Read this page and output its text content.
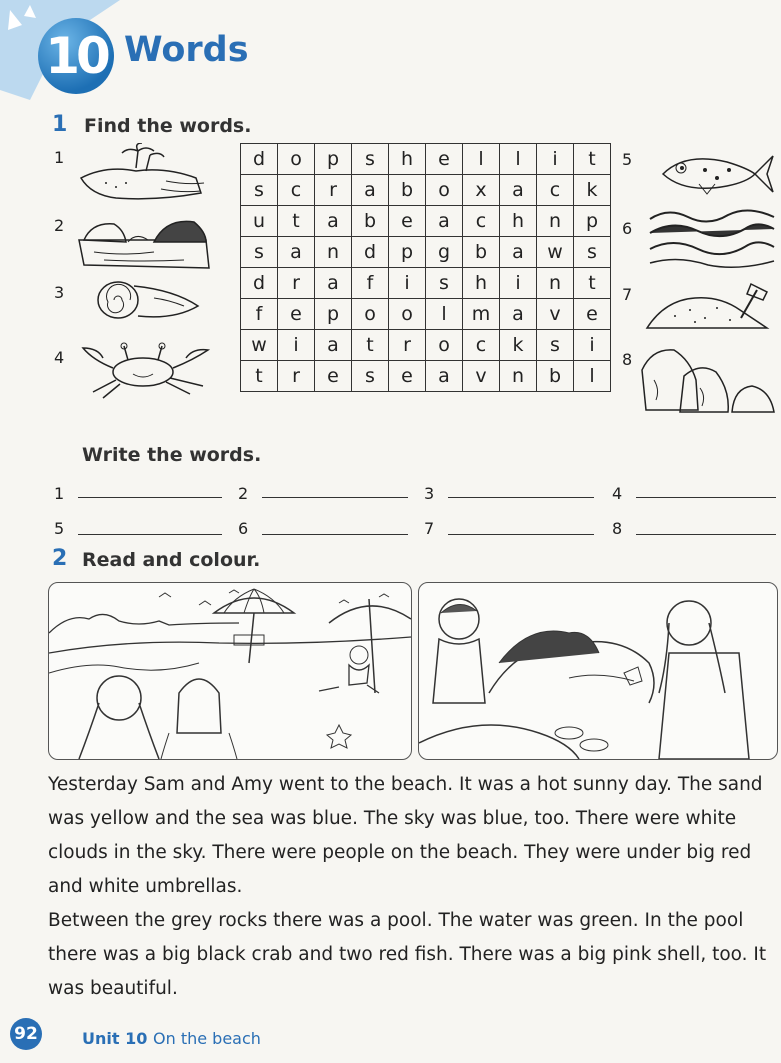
10 Words
1 Find the words.
1
2
3
4
5
6
7
8
d	o	p	s	h	e	l	l	i	t
s	c	r	a	b	o	x	a	c	k
u	t	a	b	e	a	c	h	n	p
s	a	n	d	p	g	b	a	w	s
d	r	a	f	i	s	h	i	n	t
f	e	p	o	o	l	m	a	v	e
w	i	a	t	r	o	c	k	s	i
t	r	e	s	e	a	v	n	b	l
Write the words.
1	2	3	4
5	6	7	8
2 Read and colour.
Yesterday Sam and Amy went to the beach. It was a hot sunny day. The sand was yellow and the sea was blue. The sky was blue, too. There were white clouds in the sky. There were people on the beach. They were under big red and white umbrellas.
Between the grey rocks there was a pool. The water was green. In the pool there was a big black crab and two red fish. There was a big pink shell, too. It was beautiful.
92	Unit 10 On the beach
